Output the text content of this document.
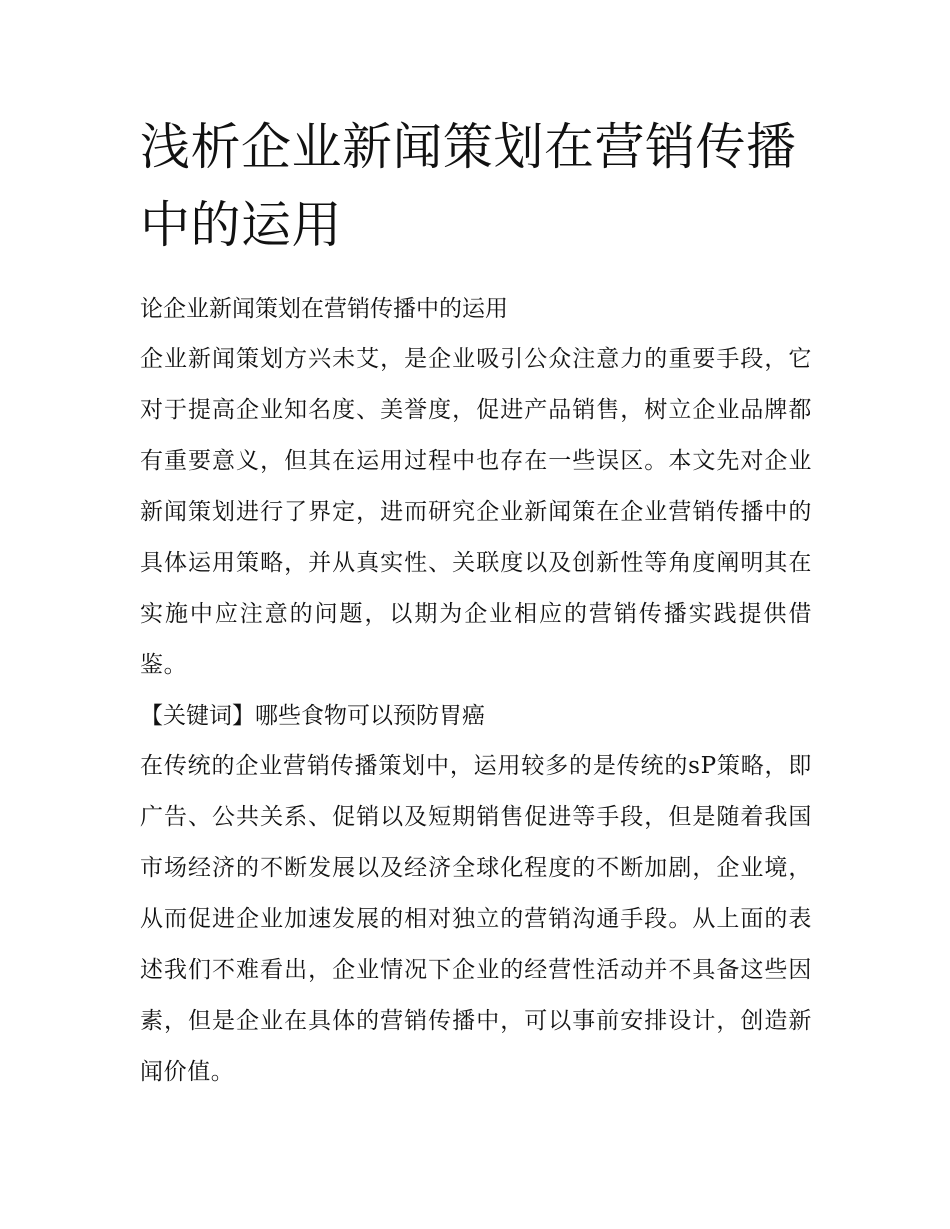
浅析企业新闻策划在营销传播中的运用

论企业新闻策划在营销传播中的运用

企业新闻策划方兴未艾，是企业吸引公众注意力的重要手段，它对于提高企业知名度、美誉度，促进产品销售，树立企业品牌都有重要意义，但其在运用过程中也存在一些误区。本文先对企业新闻策划进行了界定，进而研究企业新闻策在企业营销传播中的具体运用策略，并从真实性、关联度以及创新性等角度阐明其在实施中应注意的问题，以期为企业相应的营销传播实践提供借鉴。

【关键词】哪些食物可以预防胃癌

在传统的企业营销传播策划中，运用较多的是传统的sP策略，即广告、公共关系、促销以及短期销售促进等手段，但是随着我国市场经济的不断发展以及经济全球化程度的不断加剧，企业境，从而促进企业加速发展的相对独立的营销沟通手段。从上面的表述我们不难看出，企业情况下企业的经营性活动并不具备这些因素，但是企业在具体的营销传播中，可以事前安排设计，创造新闻价值。
